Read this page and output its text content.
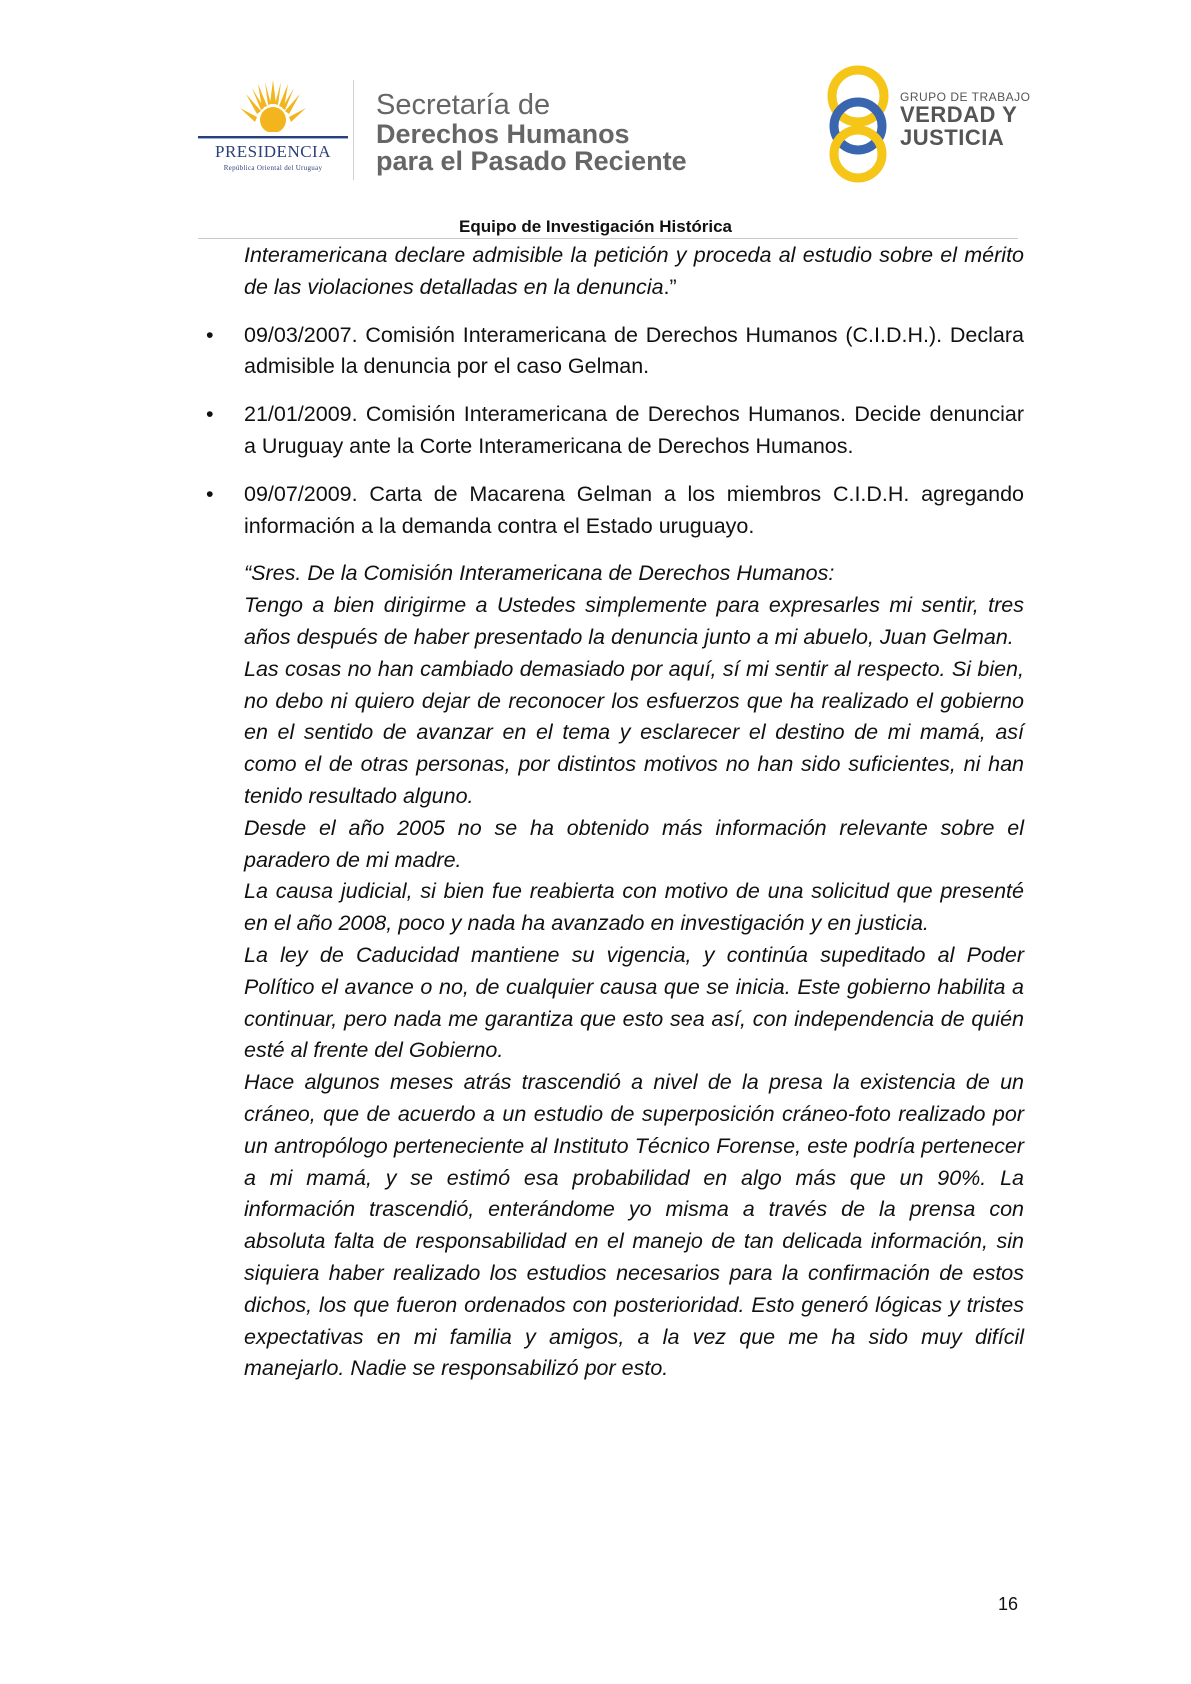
PRESIDENCIA
República Oriental del Uruguay
Secretaría de
Derechos Humanos
para el Pasado Reciente
GRUPO DE TRABAJO
VERDAD Y
JUSTICIA
Equipo de Investigación Histórica

Interamericana declare admisible la petición y proceda al estudio sobre el mérito de las violaciones detalladas en la denuncia.”

• 09/03/2007. Comisión Interamericana de Derechos Humanos (C.I.D.H.). Declara admisible la denuncia por el caso Gelman.

• 21/01/2009. Comisión Interamericana de Derechos Humanos. Decide denunciar a Uruguay ante la Corte Interamericana de Derechos Humanos.

• 09/07/2009. Carta de Macarena Gelman a los miembros C.I.D.H. agregando información a la demanda contra el Estado uruguayo.

“Sres. De la Comisión Interamericana de Derechos Humanos:

Tengo a bien dirigirme a Ustedes simplemente para expresarles mi sentir, tres años después de haber presentado la denuncia junto a mi abuelo, Juan Gelman.

Las cosas no han cambiado demasiado por aquí, sí mi sentir al respecto. Si bien, no debo ni quiero dejar de reconocer los esfuerzos que ha realizado el gobierno en el sentido de avanzar en el tema y esclarecer el destino de mi mamá, así como el de otras personas, por distintos motivos no han sido suficientes, ni han tenido resultado alguno.

Desde el año 2005 no se ha obtenido más información relevante sobre el paradero de mi madre.

La causa judicial, si bien fue reabierta con motivo de una solicitud que presenté en el año 2008, poco y nada ha avanzado en investigación y en justicia.

La ley de Caducidad mantiene su vigencia, y continúa supeditado al Poder Político el avance o no, de cualquier causa que se inicia. Este gobierno habilita a continuar, pero nada me garantiza que esto sea así, con independencia de quién esté al frente del Gobierno.

Hace algunos meses atrás trascendió a nivel de la presa la existencia de un cráneo, que de acuerdo a un estudio de superposición cráneo-foto realizado por un antropólogo perteneciente al Instituto Técnico Forense, este podría pertenecer a mi mamá, y se estimó esa probabilidad en algo más que un 90%. La información trascendió, enterándome yo misma a través de la prensa con absoluta falta de responsabilidad en el manejo de tan delicada información, sin siquiera haber realizado los estudios necesarios para la confirmación de estos dichos, los que fueron ordenados con posterioridad. Esto generó lógicas y tristes expectativas en mi familia y amigos, a la vez que me ha sido muy difícil manejarlo. Nadie se responsabilizó por esto.

16
